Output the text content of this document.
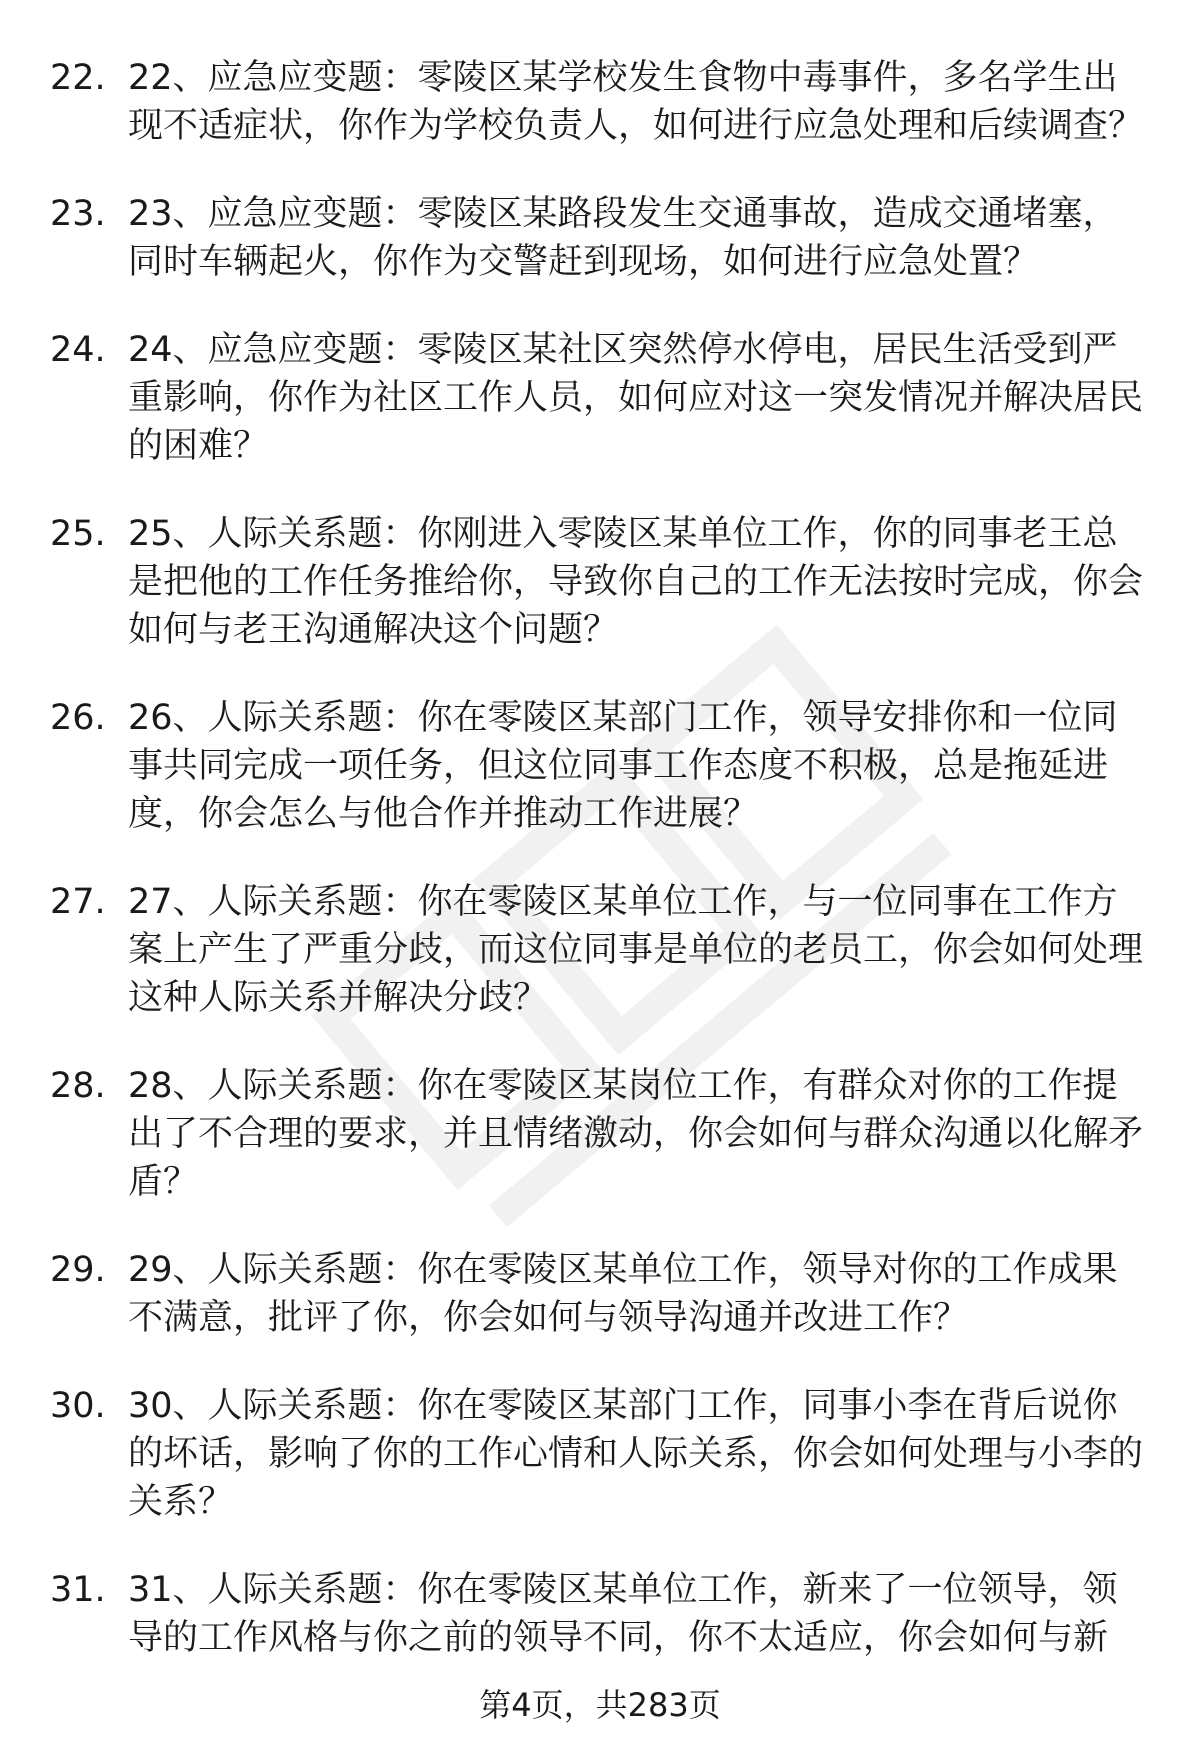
22. 22、应急应变题：零陵区某学校发生食物中毒事件，多名学生出现不适症状，你作为学校负责人，如何进行应急处理和后续调查？
23. 23、应急应变题：零陵区某路段发生交通事故，造成交通堵塞，同时车辆起火，你作为交警赶到现场，如何进行应急处置？
24. 24、应急应变题：零陵区某社区突然停水停电，居民生活受到严重影响，你作为社区工作人员，如何应对这一突发情况并解决居民的困难？
25. 25、人际关系题：你刚进入零陵区某单位工作，你的同事老王总是把他的工作任务推给你，导致你自己的工作无法按时完成，你会如何与老王沟通解决这个问题？
26. 26、人际关系题：你在零陵区某部门工作，领导安排你和一位同事共同完成一项任务，但这位同事工作态度不积极，总是拖延进度，你会怎么与他合作并推动工作进展？
27. 27、人际关系题：你在零陵区某单位工作，与一位同事在工作方案上产生了严重分歧，而这位同事是单位的老员工，你会如何处理这种人际关系并解决分歧？
28. 28、人际关系题：你在零陵区某岗位工作，有群众对你的工作提出了不合理的要求，并且情绪激动，你会如何与群众沟通以化解矛盾？
29. 29、人际关系题：你在零陵区某单位工作，领导对你的工作成果不满意，批评了你，你会如何与领导沟通并改进工作？
30. 30、人际关系题：你在零陵区某部门工作，同事小李在背后说你的坏话，影响了你的工作心情和人际关系，你会如何处理与小李的关系？
31. 31、人际关系题：你在零陵区某单位工作，新来了一位领导，领导的工作风格与你之前的领导不同，你不太适应，你会如何与新
第4页，共283页
